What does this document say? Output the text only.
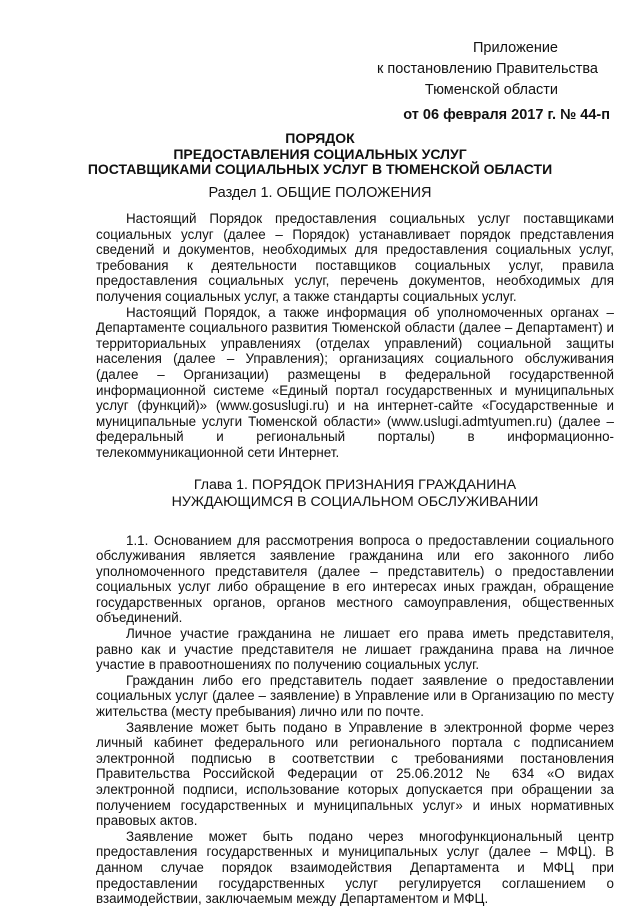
Приложение
к постановлению Правительства
Тюменской области
от 06 февраля 2017 г. № 44-п
ПОРЯДОК
ПРЕДОСТАВЛЕНИЯ СОЦИАЛЬНЫХ УСЛУГ
ПОСТАВЩИКАМИ СОЦИАЛЬНЫХ УСЛУГ В ТЮМЕНСКОЙ ОБЛАСТИ
Раздел 1. ОБЩИЕ ПОЛОЖЕНИЯ

Настоящий Порядок предоставления социальных услуг поставщиками социальных услуг (далее – Порядок) устанавливает порядок представления сведений и документов, необходимых для предоставления социальных услуг, требования к деятельности поставщиков социальных услуг, правила предоставления социальных услуг, перечень документов, необходимых для получения социальных услуг, а также стандарты социальных услуг.

Настоящий Порядок, а также информация об уполномоченных органах – Департаменте социального развития Тюменской области (далее – Департамент) и территориальных управлениях (отделах управлений) социальной защиты населения (далее – Управления); организациях социального обслуживания (далее – Организации) размещены в федеральной государственной информационной системе «Единый портал государственных и муниципальных услуг (функций)» (www.gosuslugi.ru) и на интернет-сайте «Государственные и муниципальные услуги Тюменской области» (www.uslugi.admtyumen.ru) (далее – федеральный и региональный порталы) в информационно-телекоммуникационной сети Интернет.

Глава 1. ПОРЯДОК ПРИЗНАНИЯ ГРАЖДАНИНА
НУЖДАЮЩИМСЯ В СОЦИАЛЬНОМ ОБСЛУЖИВАНИИ

1.1. Основанием для рассмотрения вопроса о предоставлении социального обслуживания является заявление гражданина или его законного либо уполномоченного представителя (далее – представитель) о предоставлении социальных услуг либо обращение в его интересах иных граждан, обращение государственных органов, органов местного самоуправления, общественных объединений.

Личное участие гражданина не лишает его права иметь представителя, равно как и участие представителя не лишает гражданина права на личное участие в правоотношениях по получению социальных услуг.

Гражданин либо его представитель подает заявление о предоставлении социальных услуг (далее – заявление) в Управление или в Организацию по месту жительства (месту пребывания) лично или по почте.

Заявление может быть подано в Управление в электронной форме через личный кабинет федерального или регионального портала с подписанием электронной подписью в соответствии с требованиями постановления Правительства Российской Федерации от 25.06.2012 № 634 «О видах электронной подписи, использование которых допускается при обращении за получением государственных и муниципальных услуг» и иных нормативных правовых актов.

Заявление может быть подано через многофункциональный центр предоставления государственных и муниципальных услуг (далее – МФЦ). В данном случае порядок взаимодействия Департамента и МФЦ при предоставлении государственных услуг регулируется соглашением о взаимодействии, заключаемым между Департаментом и МФЦ.
